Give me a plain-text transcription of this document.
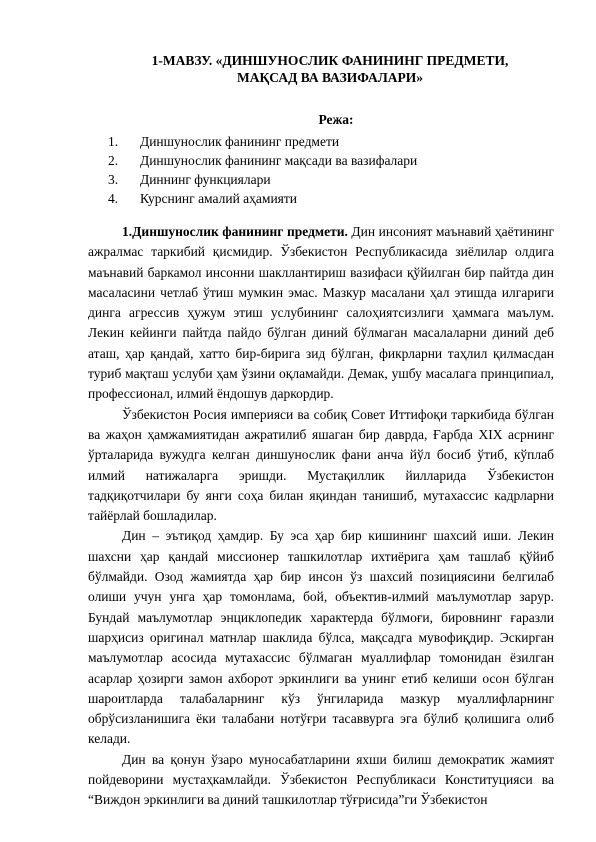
1-МАВЗУ. «ДИНШУНОСЛИК ФАНИНИНГ ПРЕДМЕТИ,
МАҚСАД ВА ВАЗИФАЛАРИ»
Режа:
1.	Диншунослик фанининг предмети
2.	Диншунослик фанининг мақсади ва вазифалари
3.	Диннинг функциялари
4.	Курснинг амалий аҳамияти

1.Диншунослик фанининг предмети. Дин инсоният маънавий ҳаётининг ажралмас таркибий қисмидир. Ўзбекистон Республикасида зиёлилар олдига маънавий баркамол инсонни шакллантириш вазифаси қўйилган бир пайтда дин масаласини четлаб ўтиш мумкин эмас. Мазкур масалани ҳал этишда илгариги динга агрессив ҳужум этиш услубининг салоҳиятсизлиги ҳаммага маълум. Лекин кейинги пайтда пайдо бўлган диний бўлмаган масалаларни диний деб аташ, ҳар қандай, хатто бир-бирига зид бўлган, фикрларни таҳлил қилмасдан туриб мақташ услуби ҳам ўзини оқламайди. Демак, ушбу масалага принципиал, профессионал, илмий ёндошув даркордир.

Ўзбекистон Росия империяси ва собиқ Совет Иттифоқи таркибида бўлган ва жаҳон ҳамжамиятидан ажратилиб яшаган бир даврда, Ғарбда XIX асрнинг ўрталарида вужудга келган диншунослик фани анча йўл босиб ўтиб, кўплаб илмий натижаларга эришди. Мустақиллик йилларида Ўзбекистон тадқиқотчилари бу янги соҳа билан яқиндан танишиб, мутахассис кадрларни тайёрлай бошладилар.

Дин – эътиқод ҳамдир. Бу эса ҳар бир кишининг шахсий иши. Лекин шахсни ҳар қандай миссионер ташкилотлар ихтиёрига ҳам ташлаб қўйиб бўлмайди. Озод жамиятда ҳар бир инсон ўз шахсий позициясини белгилаб олиши учун унга ҳар томонлама, бой, объектив-илмий маълумотлар зарур. Бундай маълумотлар энциклопедик характерда бўлмоғи, бировнинг ғаразли шарҳисиз оригинал матнлар шаклида бўлса, мақсадга мувофиқдир. Эскирган маълумотлар асосида мутахассис бўлмаган муаллифлар томонидан ёзилган асарлар ҳозирги замон ахборот эркинлиги ва унинг етиб келиши осон бўлган шароитларда талабаларнинг кўз ўнгиларида мазкур муаллифларнинг обрўсизланишига ёки талабани нотўғри тасаввурга эга бўлиб қолишига олиб келади.

Дин ва қонун ўзаро муносабатларини яхши билиш демократик жамият пойдеворини мустаҳкамлайди. Ўзбекистон Республикаси Конституцияси ва “Виждон эркинлиги ва диний ташкилотлар тўғрисида”ги Ўзбекистон
